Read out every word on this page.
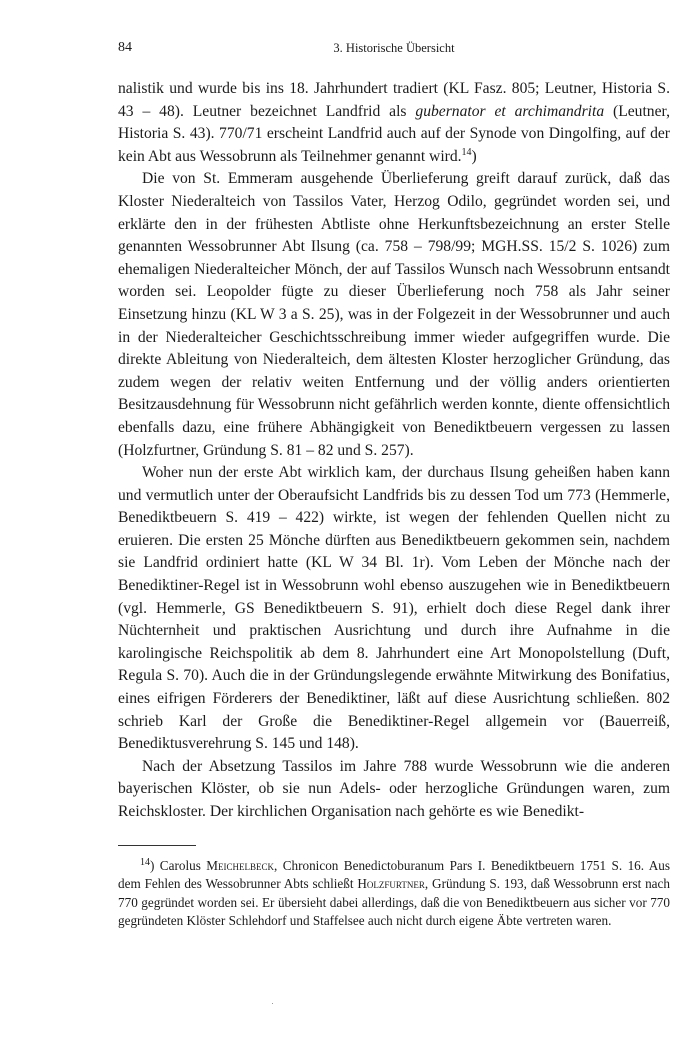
84	3. Historische Übersicht

nalistik und wurde bis ins 18. Jahrhundert tradiert (KL Fasz. 805; Leutner, Historia S. 43 – 48). Leutner bezeichnet Landfrid als gubernator et archimandrita (Leutner, Historia S. 43). 770/71 erscheint Landfrid auch auf der Synode von Dingolfing, auf der kein Abt aus Wessobrunn als Teilnehmer genannt wird.$^{14}$)

Die von St. Emmeram ausgehende Überlieferung greift darauf zurück, daß das Kloster Niederalteich von Tassilos Vater, Herzog Odilo, gegründet worden sei, und erklärte den in der frühesten Abtliste ohne Herkunftsbezeichnung an erster Stelle genannten Wessobrunner Abt Ilsung (ca. 758 – 798/99; MGH.SS. 15/2 S. 1026) zum ehemaligen Niederalteicher Mönch, der auf Tassilos Wunsch nach Wessobrunn entsandt worden sei. Leopolder fügte zu dieser Überlieferung noch 758 als Jahr seiner Einsetzung hinzu (KL W 3 a S. 25), was in der Folgezeit in der Wessobrunner und auch in der Niederalteicher Geschichtsschreibung immer wieder aufgegriffen wurde. Die direkte Ableitung von Niederalteich, dem ältesten Kloster herzoglicher Gründung, das zudem wegen der relativ weiten Entfernung und der völlig anders orientierten Besitzausdehnung für Wessobrunn nicht gefährlich werden konnte, diente offensichtlich ebenfalls dazu, eine frühere Abhängigkeit von Benediktbeuern vergessen zu lassen (Holzfurtner, Gründung S. 81 – 82 und S. 257).

Woher nun der erste Abt wirklich kam, der durchaus Ilsung geheißen haben kann und vermutlich unter der Oberaufsicht Landfrids bis zu dessen Tod um 773 (Hemmerle, Benediktbeuern S. 419 – 422) wirkte, ist wegen der fehlenden Quellen nicht zu eruieren. Die ersten 25 Mönche dürften aus Benediktbeuern gekommen sein, nachdem sie Landfrid ordiniert hatte (KL W 34 Bl. 1r). Vom Leben der Mönche nach der Benediktiner-Regel ist in Wessobrunn wohl ebenso auszugehen wie in Benediktbeuern (vgl. Hemmerle, GS Benediktbeuern S. 91), erhielt doch diese Regel dank ihrer Nüchternheit und praktischen Ausrichtung und durch ihre Aufnahme in die karolingische Reichspolitik ab dem 8. Jahrhundert eine Art Monopolstellung (Duft, Regula S. 70). Auch die in der Gründungslegende erwähnte Mitwirkung des Bonifatius, eines eifrigen Förderers der Benediktiner, läßt auf diese Ausrichtung schließen. 802 schrieb Karl der Große die Benediktiner-Regel allgemein vor (Bauerreiß, Benediktusverehrung S. 145 und 148).

Nach der Absetzung Tassilos im Jahre 788 wurde Wessobrunn wie die anderen bayerischen Klöster, ob sie nun Adels- oder herzogliche Gründungen waren, zum Reichskloster. Der kirchlichen Organisation nach gehörte es wie Benedikt-

$^{14}$) Carolus Meichelbeck, Chronicon Benedictoburanum Pars I. Benediktbeuern 1751 S. 16. Aus dem Fehlen des Wessobrunner Abts schließt Holzfurtner, Gründung S. 193, daß Wessobrunn erst nach 770 gegründet worden sei. Er übersieht dabei allerdings, daß die von Benediktbeuern aus sicher vor 770 gegründeten Klöster Schlehdorf und Staffelsee auch nicht durch eigene Äbte vertreten waren.
